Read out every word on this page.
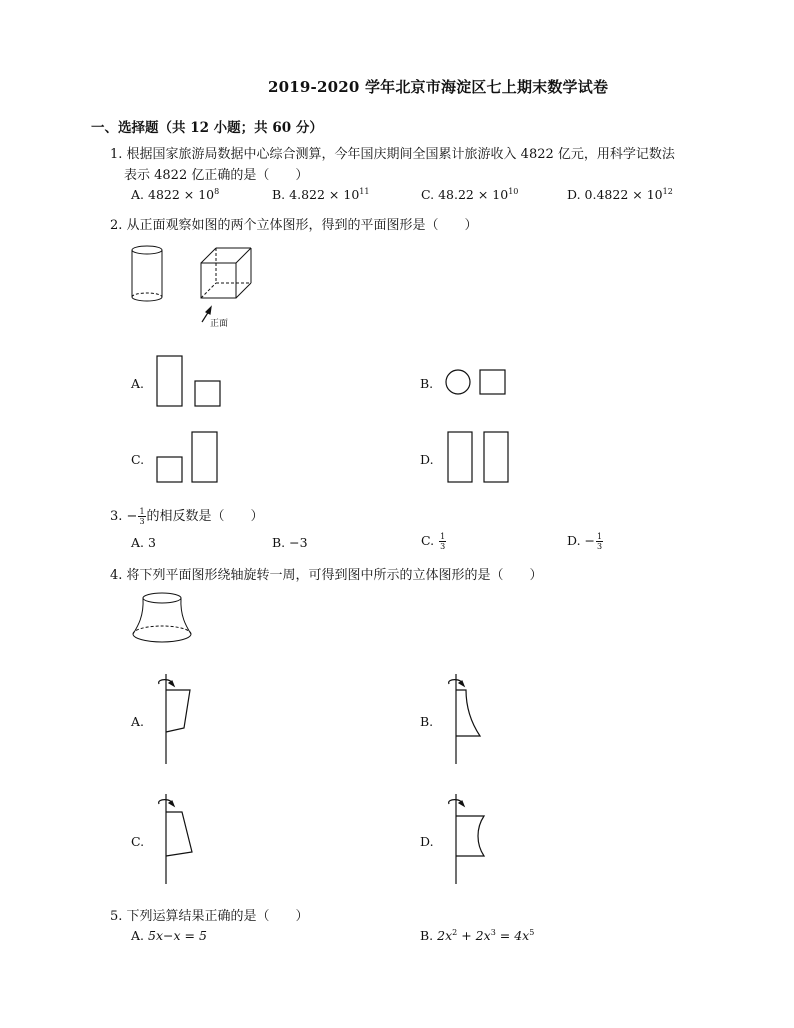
2019-2020 学年北京市海淀区七上期末数学试卷
一、选择题（共 12 小题；共 60 分）
1. 根据国家旅游局数据中心综合测算，今年国庆期间全国累计旅游收入 4822 亿元，用科学记数法
表示 4822 亿正确的是（　　）
A. $4822 \times 10^8$	B. $4.822 \times 10^{11}$	C. $48.22 \times 10^{10}$	D. $0.4822 \times 10^{12}$
2. 从正面观察如图的两个立体图形，得到的平面图形是（　　）
正面
A.	B.
C.	D.
3. − $\frac{1}{3}$ 的相反数是（　　）
A. 3	B. −3	C. $\frac{1}{3}$	D. − $\frac{1}{3}$
4. 将下列平面图形绕轴旋转一周，可得到图中所示的立体图形的是（　　）
A.	B.
C.	D.
5. 下列运算结果正确的是（　　）
A. 5x−x = 5	B. $2x^2 + 2x^3 = 4x^5$
